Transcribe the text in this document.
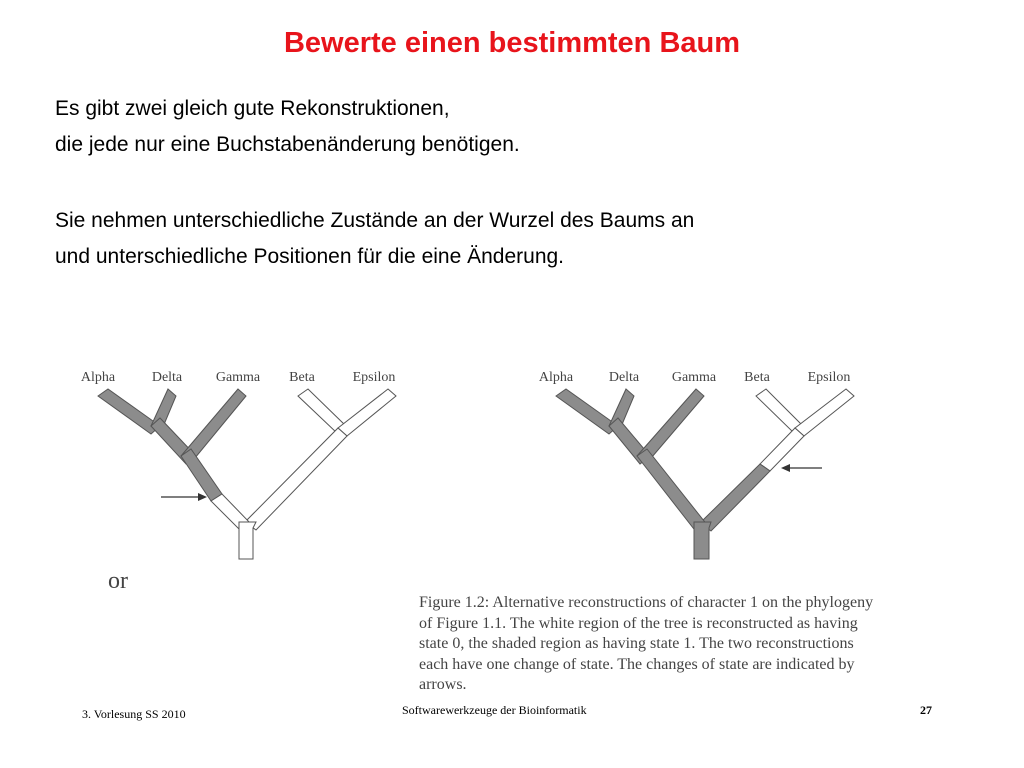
Bewerte einen bestimmten Baum

Es gibt zwei gleich gute Rekonstruktionen,

die jede nur eine Buchstabenänderung benötigen.

Sie nehmen unterschiedliche Zustände an der Wurzel des Baums an

und unterschiedliche Positionen für die eine Änderung.

Alpha	Delta Gamma Beta	Epsilon	Alpha	Delta Gamma Beta	Epsilon
or
Figure 1.2: Alternative reconstructions of character 1 on the phylogeny
of Figure 1.1. The white region of the tree is reconstructed as having
state 0, the shaded region as having state 1. The two reconstructions
each have one change of state. The changes of state are indicated by
arrows.
3. Vorlesung SS 2010	Softwarewerkzeuge der Bioinformatik	27
